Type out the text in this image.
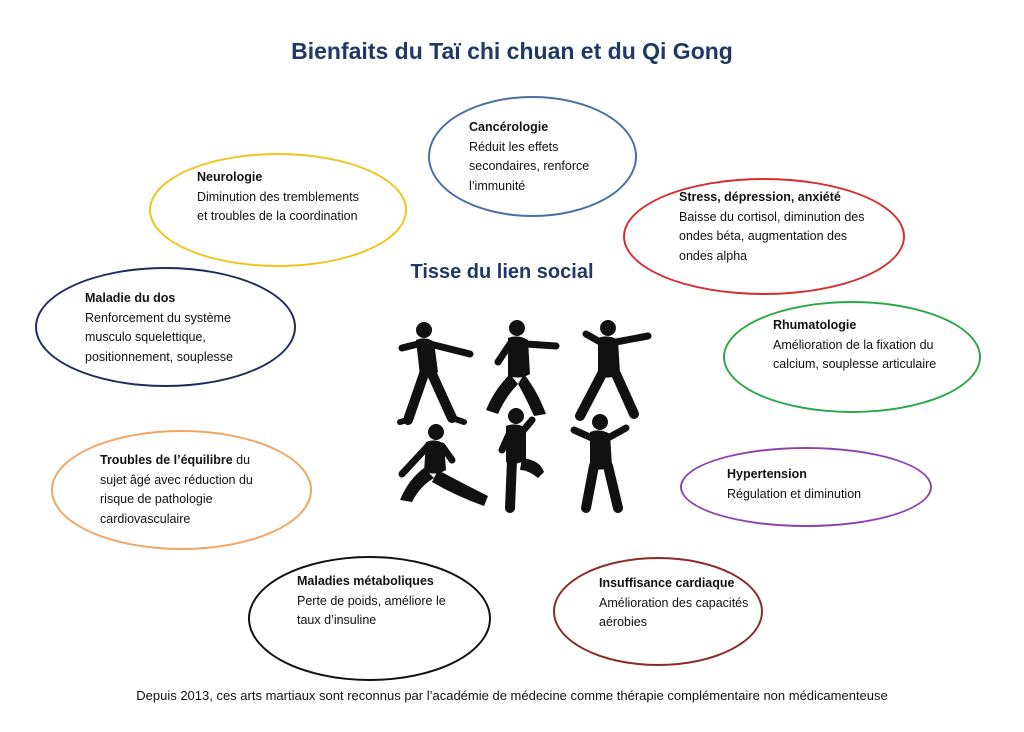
Bienfaits du Taï chi chuan et du Qi Gong
Cancérologie
Réduit les effets secondaires, renforce l’immunité
Neurologie
Diminution des tremblements et troubles de la coordination
Stress, dépression, anxiété
Baisse du cortisol, diminution des ondes béta, augmentation des ondes alpha
Maladie du dos
Renforcement du système musculo squelettique, positionnement, souplesse
Rhumatologie
Amélioration de la fixation du calcium, souplesse articulaire
Troubles de l’équilibre du
sujet âgé avec réduction du risque de pathologie cardiovasculaire
Hypertension
Régulation et diminution
Maladies métaboliques
Perte de poids, améliore le taux d’insuline
Insuffisance cardiaque
Amélioration des capacités aérobies
Tisse du lien social
Depuis 2013, ces arts martiaux sont reconnus par l’académie de médecine comme thérapie complémentaire non médicamenteuse
